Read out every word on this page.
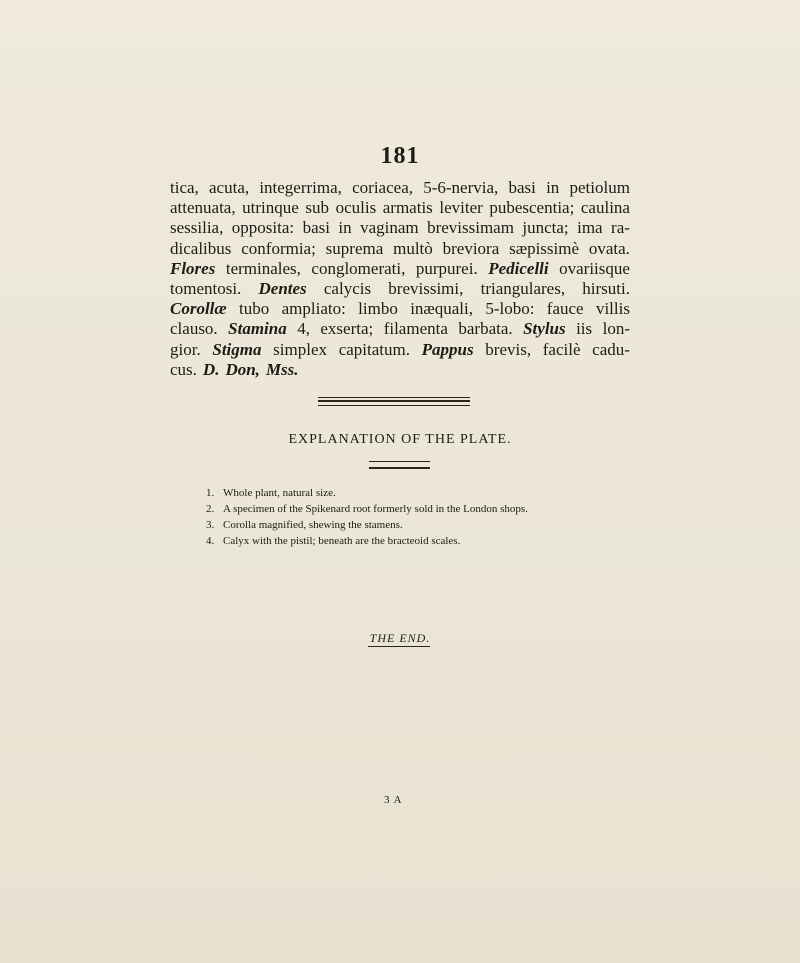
181
tica, acuta, integerrima, coriacea, 5-6-nervia, basi in petiolum
attenuata, utrinque sub oculis armatis leviter pubescentia; caulina
sessilia, opposita: basi in vaginam brevissimam juncta; ima ra-
dicalibus conformia; suprema multò breviora sæpissimè ovata.
Flores terminales, conglomerati, purpurei. Pedicelli ovariisque
tomentosi. Dentes calycis brevissimi, triangulares, hirsuti.
Corollæ tubo ampliato: limbo inæquali, 5-lobo: fauce villis
clauso. Stamina 4, exserta; filamenta barbata. Stylus iis lon-
gior. Stigma simplex capitatum. Pappus brevis, facilè cadu-
cus. D. Don, Mss.
EXPLANATION OF THE PLATE.
1. Whole plant, natural size.
2. A specimen of the Spikenard root formerly sold in the London shops.
3. Corolla magnified, shewing the stamens.
4. Calyx with the pistil; beneath are the bracteoid scales.
THE END.
3 A
